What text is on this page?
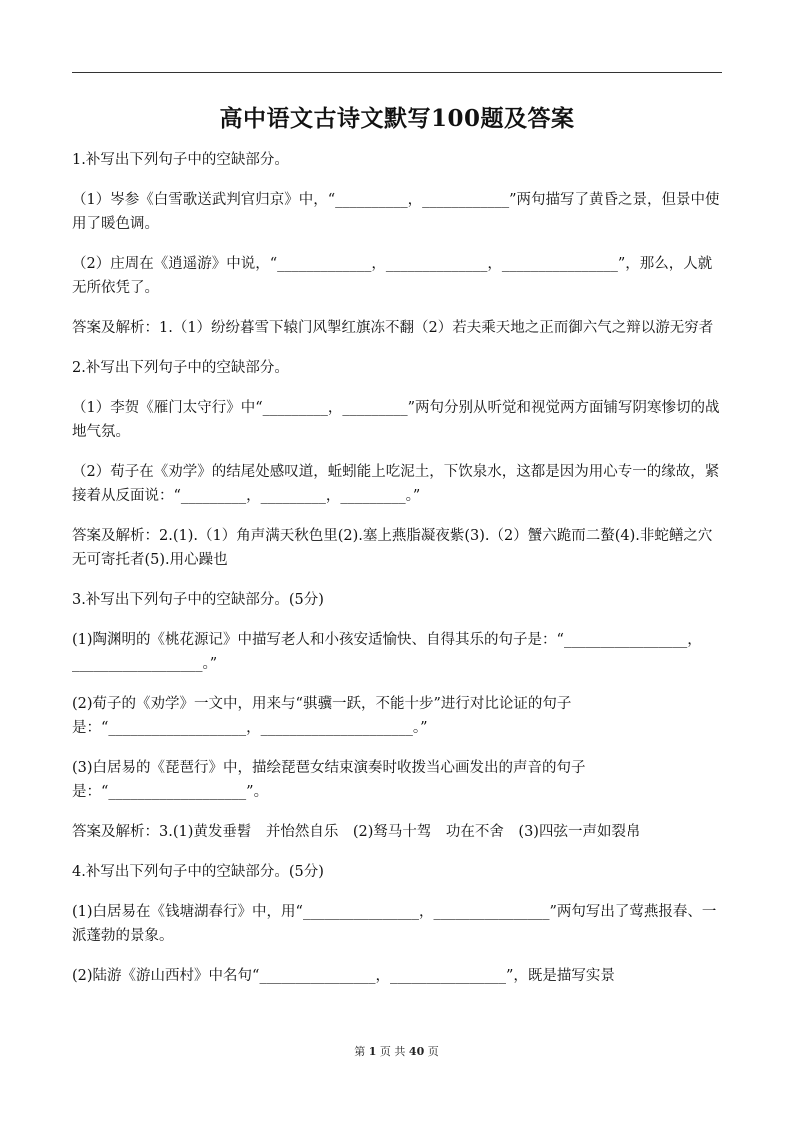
高中语文古诗文默写100题及答案

1.补写出下列句子中的空缺部分。

（1）岑参《白雪歌送武判官归京》中，“__________，____________”两句描写了黄昏之景，但景中使用了暖色调。

（2）庄周在《逍遥游》中说，“_____________，______________，________________”，那么，人就无所依凭了。

答案及解析：1.（1）纷纷暮雪下辕门风掣红旗冻不翻（2）若夫乘天地之正而御六气之辩以游无穷者

2.补写出下列句子中的空缺部分。

（1）李贺《雁门太守行》中“_________，_________”两句分别从听觉和视觉两方面铺写阴寒惨切的战地气氛。

（2）荀子在《劝学》的结尾处感叹道，蚯蚓能上吃泥土，下饮泉水，这都是因为用心专一的缘故，紧接着从反面说：“_________，_________，_________。”

答案及解析：2.(1).（1）角声满天秋色里(2).塞上燕脂凝夜紫(3).（2）蟹六跪而二螯(4).非蛇鳝之穴无可寄托者(5).用心躁也

3.补写出下列句子中的空缺部分。(5分)

(1)陶渊明的《桃花源记》中描写老人和小孩安适愉快、自得其乐的句子是：“_________________，__________________。”

(2)荀子的《劝学》一文中，用来与“骐骥一跃，不能十步”进行对比论证的句子是：“___________________，_____________________。”

(3)白居易的《琵琶行》中，描绘琵琶女结束演奏时收拨当心画发出的声音的句子是：“___________________”。

答案及解析：3.(1)黄发垂髫　并怡然自乐　(2)驽马十驾　功在不舍　(3)四弦一声如裂帛

4.补写出下列句子中的空缺部分。(5分)

(1)白居易在《钱塘湖春行》中，用“________________，________________”两句写出了莺燕报春、一派蓬勃的景象。

(2)陆游《游山西村》中名句“________________，________________”，既是描写实景

第 1 页 共 40 页
